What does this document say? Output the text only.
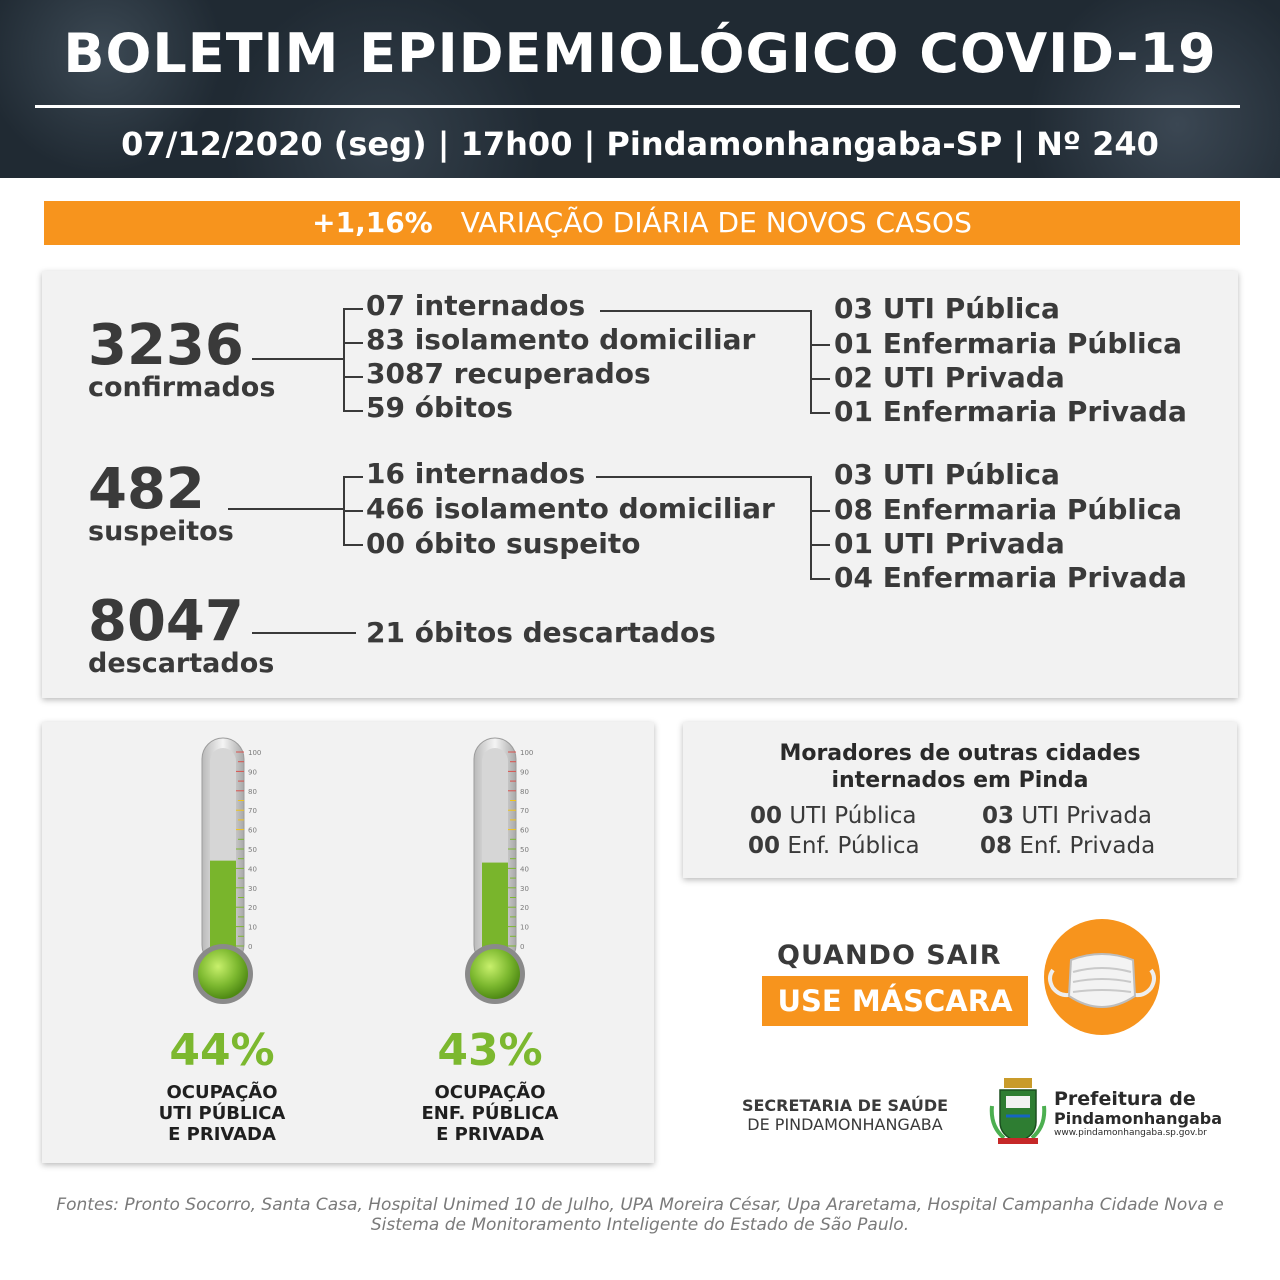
BOLETIM EPIDEMIOLÓGICO COVID-19
07/12/2020 (seg) | 17h00 | Pindamonhangaba-SP | Nº 240
+1,16% VARIAÇÃO DIÁRIA DE NOVOS CASOS
3236
confirmados
07 internados
83 isolamento domiciliar
3087 recuperados
59 óbitos
03 UTI Pública
01 Enfermaria Pública
02 UTI Privada
01 Enfermaria Privada
482
suspeitos
16 internados
466 isolamento domiciliar
00 óbito suspeito
03 UTI Pública
08 Enfermaria Pública
01 UTI Privada
04 Enfermaria Privada
8047
descartados
21 óbitos descartados
100
90
80
70
60
50
40
30
20
10
0
100
90
80
70
60
50
40
30
20
10
0
44%
OCUPAÇÃO
UTI PÚBLICA
E PRIVADA
43%
OCUPAÇÃO
ENF. PÚBLICA
E PRIVADA
Moradores de outras cidades
internados em Pinda
00 UTI Pública	03 UTI Privada
00 Enf. Pública	08 Enf. Privada
QUANDO SAIR
USE MÁSCARA
SECRETARIA DE SAÚDE
DE PINDAMONHANGABA
Prefeitura de
Pindamonhangaba
www.pindamonhangaba.sp.gov.br
Fontes: Pronto Socorro, Santa Casa, Hospital Unimed 10 de Julho, UPA Moreira César, Upa Araretama, Hospital Campanha Cidade Nova e Sistema de Monitoramento Inteligente do Estado de São Paulo.
